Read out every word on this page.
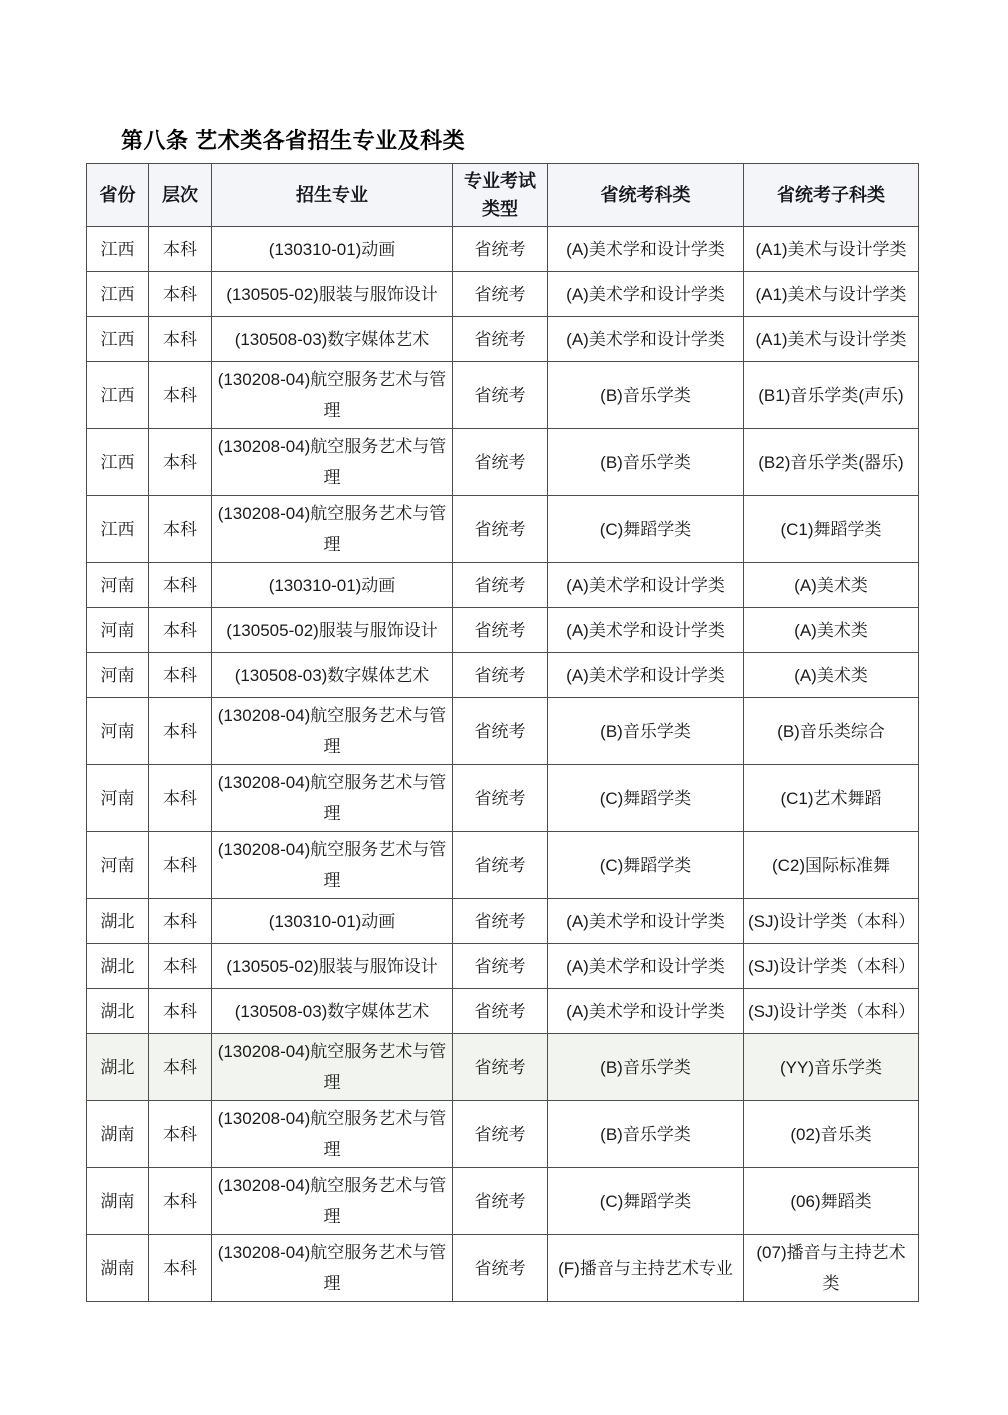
第八条 艺术类各省招生专业及科类
省份	层次	招生专业	专业考试类型	省统考科类	省统考子科类
江西	本科	(130310-01)动画	省统考	(A)美术学和设计学类	(A1)美术与设计学类
江西	本科	(130505-02)服装与服饰设计	省统考	(A)美术学和设计学类	(A1)美术与设计学类
江西	本科	(130508-03)数字媒体艺术	省统考	(A)美术学和设计学类	(A1)美术与设计学类
江西	本科	(130208-04)航空服务艺术与管理	省统考	(B)音乐学类	(B1)音乐学类(声乐)
江西	本科	(130208-04)航空服务艺术与管理	省统考	(B)音乐学类	(B2)音乐学类(器乐)
江西	本科	(130208-04)航空服务艺术与管理	省统考	(C)舞蹈学类	(C1)舞蹈学类
河南	本科	(130310-01)动画	省统考	(A)美术学和设计学类	(A)美术类
河南	本科	(130505-02)服装与服饰设计	省统考	(A)美术学和设计学类	(A)美术类
河南	本科	(130508-03)数字媒体艺术	省统考	(A)美术学和设计学类	(A)美术类
河南	本科	(130208-04)航空服务艺术与管理	省统考	(B)音乐学类	(B)音乐类综合
河南	本科	(130208-04)航空服务艺术与管理	省统考	(C)舞蹈学类	(C1)艺术舞蹈
河南	本科	(130208-04)航空服务艺术与管理	省统考	(C)舞蹈学类	(C2)国际标准舞
湖北	本科	(130310-01)动画	省统考	(A)美术学和设计学类	(SJ)设计学类（本科）
湖北	本科	(130505-02)服装与服饰设计	省统考	(A)美术学和设计学类	(SJ)设计学类（本科）
湖北	本科	(130508-03)数字媒体艺术	省统考	(A)美术学和设计学类	(SJ)设计学类（本科）
湖北	本科	(130208-04)航空服务艺术与管理	省统考	(B)音乐学类	(YY)音乐学类
湖南	本科	(130208-04)航空服务艺术与管理	省统考	(B)音乐学类	(02)音乐类
湖南	本科	(130208-04)航空服务艺术与管理	省统考	(C)舞蹈学类	(06)舞蹈类
湖南	本科	(130208-04)航空服务艺术与管理	省统考	(F)播音与主持艺术专业	(07)播音与主持艺术类
